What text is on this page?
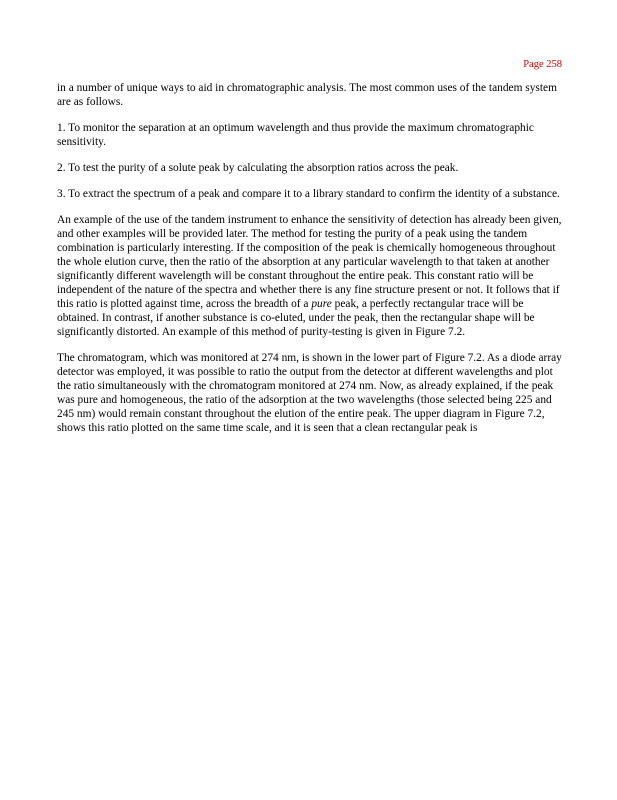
Page 258

in a number of unique ways to aid in chromatographic analysis. The most common uses of the tandem system are as follows.

1. To monitor the separation at an optimum wavelength and thus provide the maximum chromatographic sensitivity.

2. To test the purity of a solute peak by calculating the absorption ratios across the peak.

3. To extract the spectrum of a peak and compare it to a library standard to confirm the identity of a substance.

An example of the use of the tandem instrument to enhance the sensitivity of detection has already been given, and other examples will be provided later. The method for testing the purity of a peak using the tandem combination is particularly interesting. If the composition of the peak is chemically homogeneous throughout the whole elution curve, then the ratio of the absorption at any particular wavelength to that taken at another significantly different wavelength will be constant throughout the entire peak. This constant ratio will be independent of the nature of the spectra and whether there is any fine structure present or not. It follows that if this ratio is plotted against time, across the breadth of a pure peak, a perfectly rectangular trace will be obtained. In contrast, if another substance is co-eluted, under the peak, then the rectangular shape will be significantly distorted. An example of this method of purity-testing is given in Figure 7.2.

The chromatogram, which was monitored at 274 nm, is shown in the lower part of Figure 7.2. As a diode array detector was employed, it was possible to ratio the output from the detector at different wavelengths and plot the ratio simultaneously with the chromatogram monitored at 274 nm. Now, as already explained, if the peak was pure and homogeneous, the ratio of the adsorption at the two wavelengths (those selected being 225 and 245 nm) would remain constant throughout the elution of the entire peak. The upper diagram in Figure 7.2, shows this ratio plotted on the same time scale, and it is seen that a clean rectangular peak is
